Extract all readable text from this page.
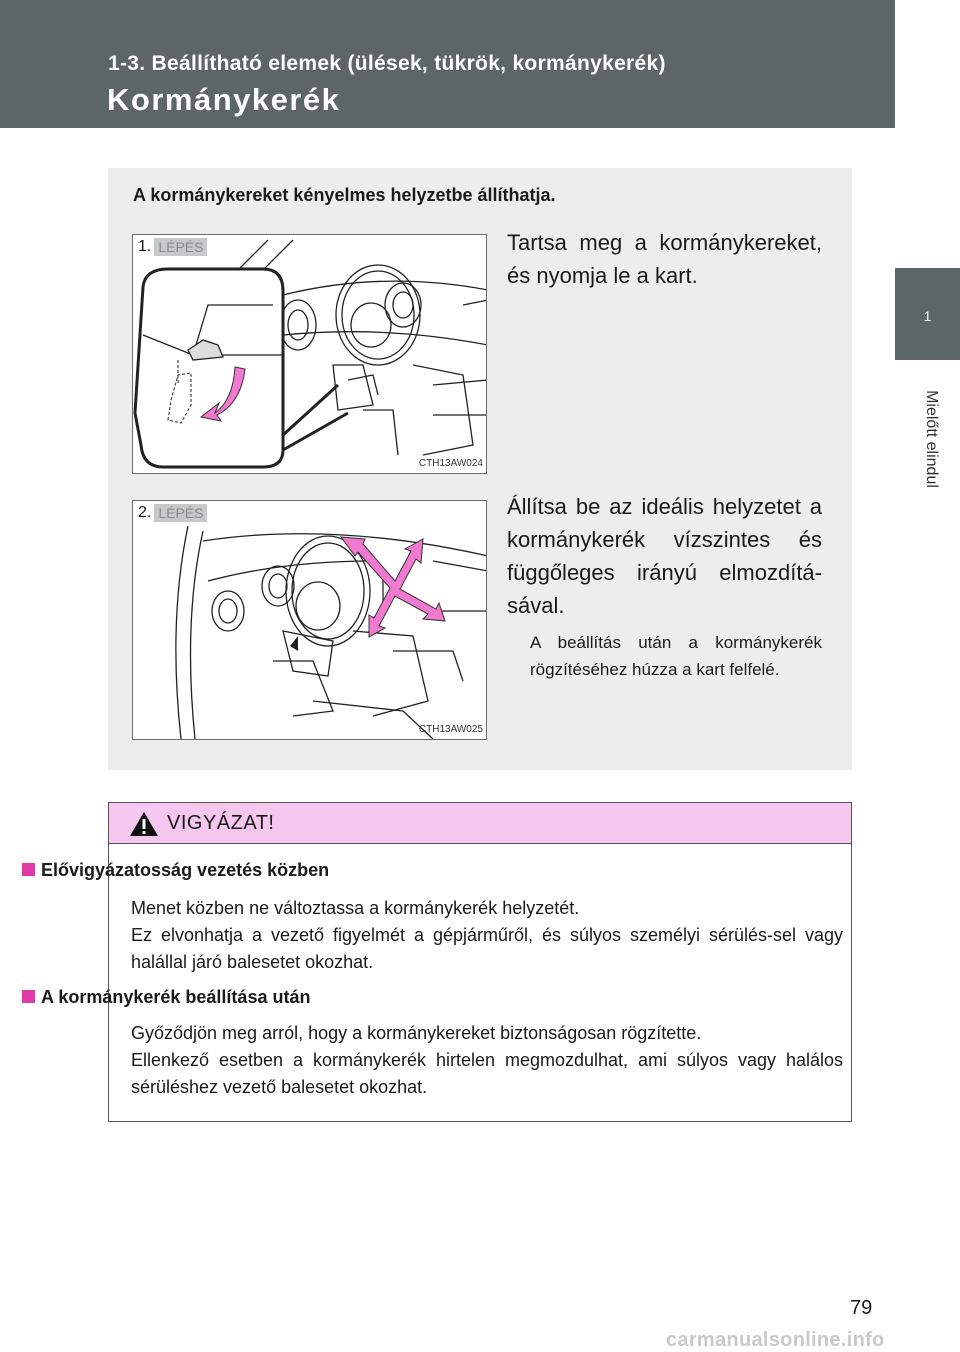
1-3. Beállítható elemek (ülések, tükrök, kormánykerék)
Kormánykerék
1
Mielőtt elindul
A kormánykereket kényelmes helyzetbe állíthatja.
1. LÉPÉS
CTH13AW024
Tartsa meg a kormánykereket, és nyomja le a kart.
2. LÉPÉS
CTH13AW025
Állítsa be az ideális helyzetet a kormánykerék vízszintes és függőleges irányú elmozdításával.
A beállítás után a kormánykerék rögzítéséhez húzza a kart felfelé.
VIGYÁZAT!
Elővigyázatosság vezetés közben
Menet közben ne változtassa a kormánykerék helyzetét.
Ez elvonhatja a vezető figyelmét a gépjárműről, és súlyos személyi sérülés-sel vagy halállal járó balesetet okozhat.
A kormánykerék beállítása után
Győződjön meg arról, hogy a kormánykereket biztonságosan rögzítette.
Ellenkező esetben a kormánykerék hirtelen megmozdulhat, ami súlyos vagy halálos sérüléshez vezető balesetet okozhat.
79
carmanualsonline.info
